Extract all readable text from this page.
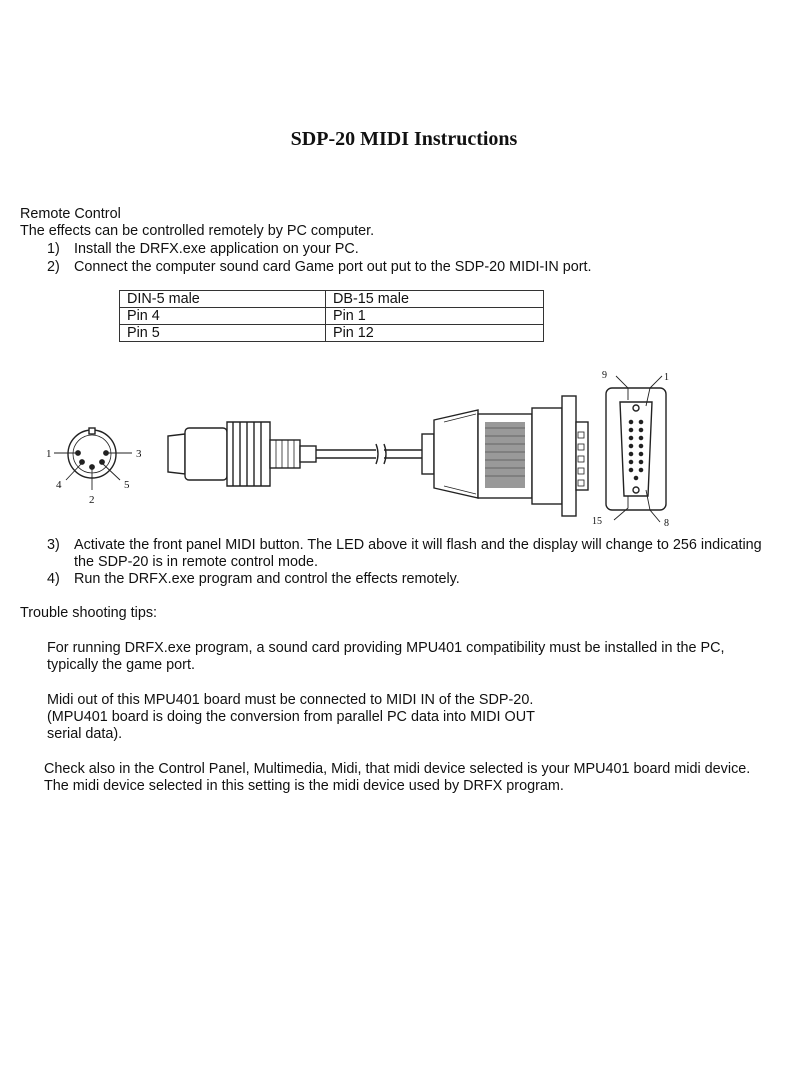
SDP-20 MIDI Instructions

Remote Control

The effects can be controlled remotely by PC computer.

1) Install the DRFX.exe application on your PC.
2) Connect the computer sound card Game port out put to the SDP-20 MIDI-IN port.
DIN-5 male	DB-15 male
Pin 4	Pin 1
Pin 5	Pin 12
1	3
4
2
5
9	1
15	8
3) Activate the front panel MIDI button. The LED above it will flash and the display will change to 256 indicating
the SDP-20 is in remote control mode.
4) Run the DRFX.exe program and control the effects remotely.

Trouble shooting tips:

For running DRFX.exe program, a sound card providing MPU401 compatibility must be installed in the PC,

typically the game port.

Midi out of this MPU401 board must be connected to MIDI IN of the SDP-20.

(MPU401 board is doing the conversion from parallel PC data into MIDI OUT

serial data).

Check also in the Control Panel, Multimedia, Midi, that midi device selected is your MPU401 board midi device.

The midi device selected in this setting is the midi device used by DRFX program.
